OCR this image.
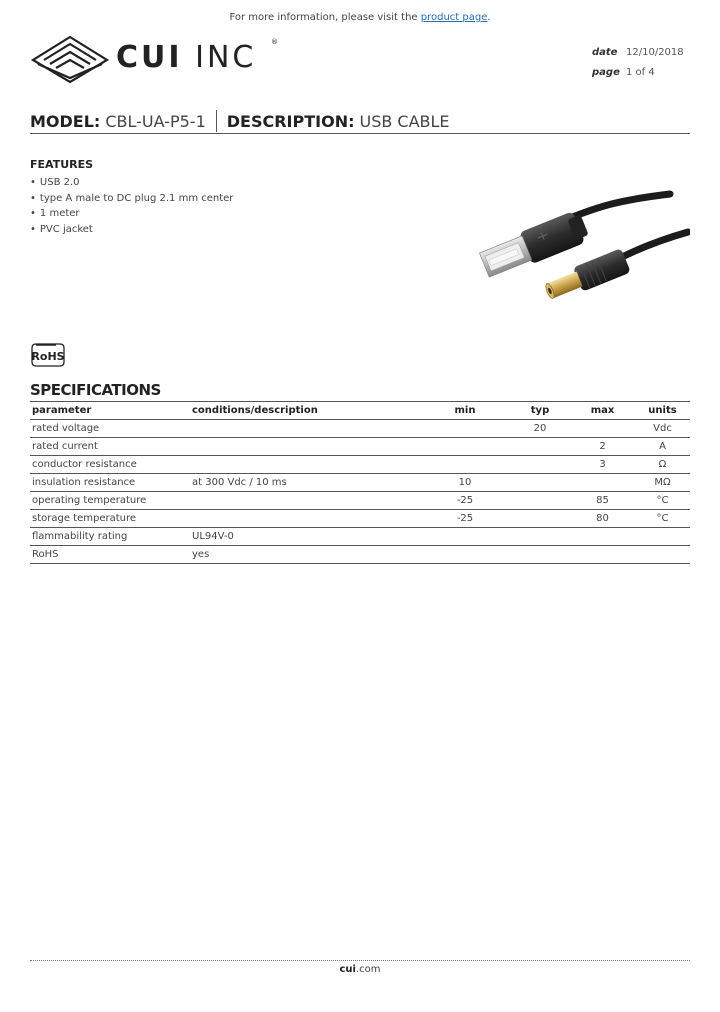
For more information, please visit the product page.
CUI INC ®
date 12/10/2018
page 1 of 4
MODEL: CBL-UA-P5-1 DESCRIPTION: USB CABLE
FEATURES
• USB 2.0
• type A male to DC plug 2.1 mm center
• 1 meter
• PVC jacket
RoHS
SPECIFICATIONS
parameter	conditions/description	min	typ	max	units
rated voltage			20		Vdc
rated current				2	A
conductor resistance				3	Ω
insulation resistance	at 300 Vdc / 10 ms	10			MΩ
operating temperature		-25		85	°C
storage temperature		-25		80	°C
flammability rating	UL94V-0				
RoHS	yes				
cui.com
